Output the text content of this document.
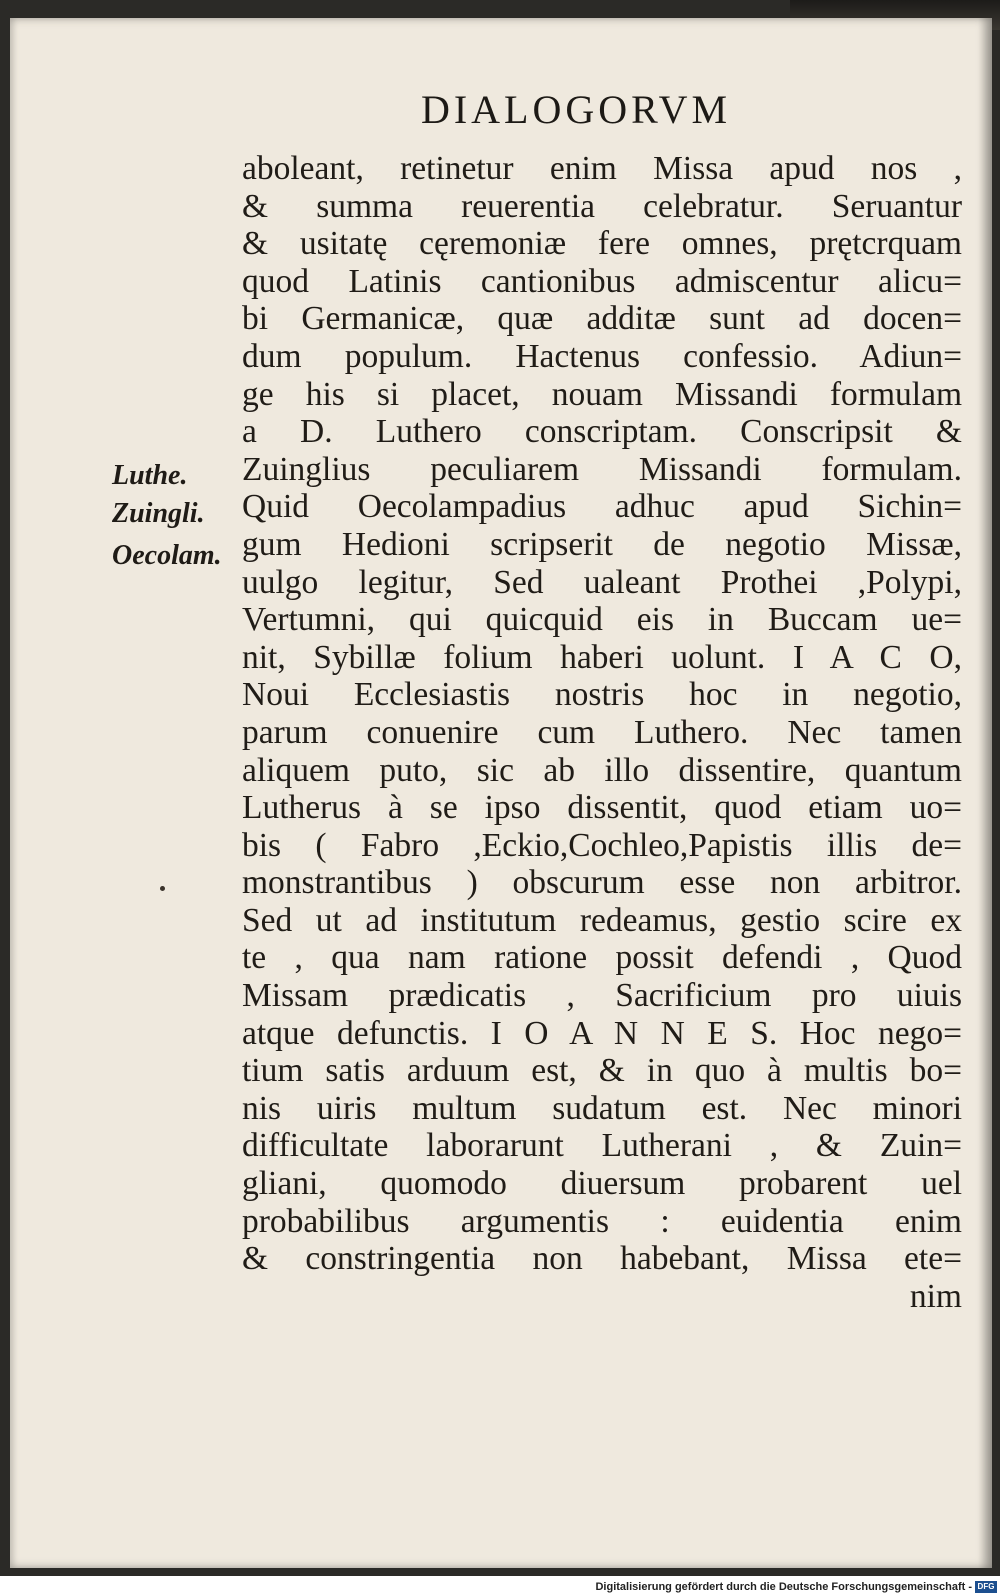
DIALOGORVM
Luthe.
Zuingli.
Oecolam.
aboleant, retinetur enim Missa apud nos ,
& summa reuerentia celebratur. Seruantur
& usitatę cęremoniæ fere omnes, prętcrquam
quod Latinis cantionibus admiscentur alicu=
bi Germanicæ, quæ additæ sunt ad docen=
dum populum. Hactenus confessio. Adiun=
ge his si placet, nouam Missandi formulam
a D. Luthero conscriptam. Conscripsit &
Zuinglius peculiarem Missandi formulam.
Quid Oecolampadius adhuc apud Sichin=
gum Hedioni scripserit de negotio Missæ,
uulgo legitur, Sed ualeant Prothei ,Polypi,
Vertumni, qui quicquid eis in Buccam ue=
nit, Sybillæ folium haberi uolunt. I A C O,
Noui Ecclesiastis nostris hoc in negotio,
parum conuenire cum Luthero. Nec tamen
aliquem puto, sic ab illo dissentire, quantum
Lutherus à se ipso dissentit, quod etiam uo=
bis ( Fabro ,Eckio,Cochleo,Papistis illis de=
monstrantibus ) obscurum esse non arbitror.
Sed ut ad institutum redeamus, gestio scire ex
te , qua nam ratione possit defendi , Quod
Missam prædicatis , Sacrificium pro uiuis
atque defunctis. I O A N N E S. Hoc nego=
tium satis arduum est, & in quo à multis bo=
nis uiris multum sudatum est. Nec minori
difficultate laborarunt Lutherani , & Zuin=
gliani, quomodo diuersum probarent uel
probabilibus argumentis : euidentia enim
& constringentia non habebant, Missa ete=
nim
Digitalisierung gefördert durch die Deutsche Forschungsgemeinschaft - DFG
